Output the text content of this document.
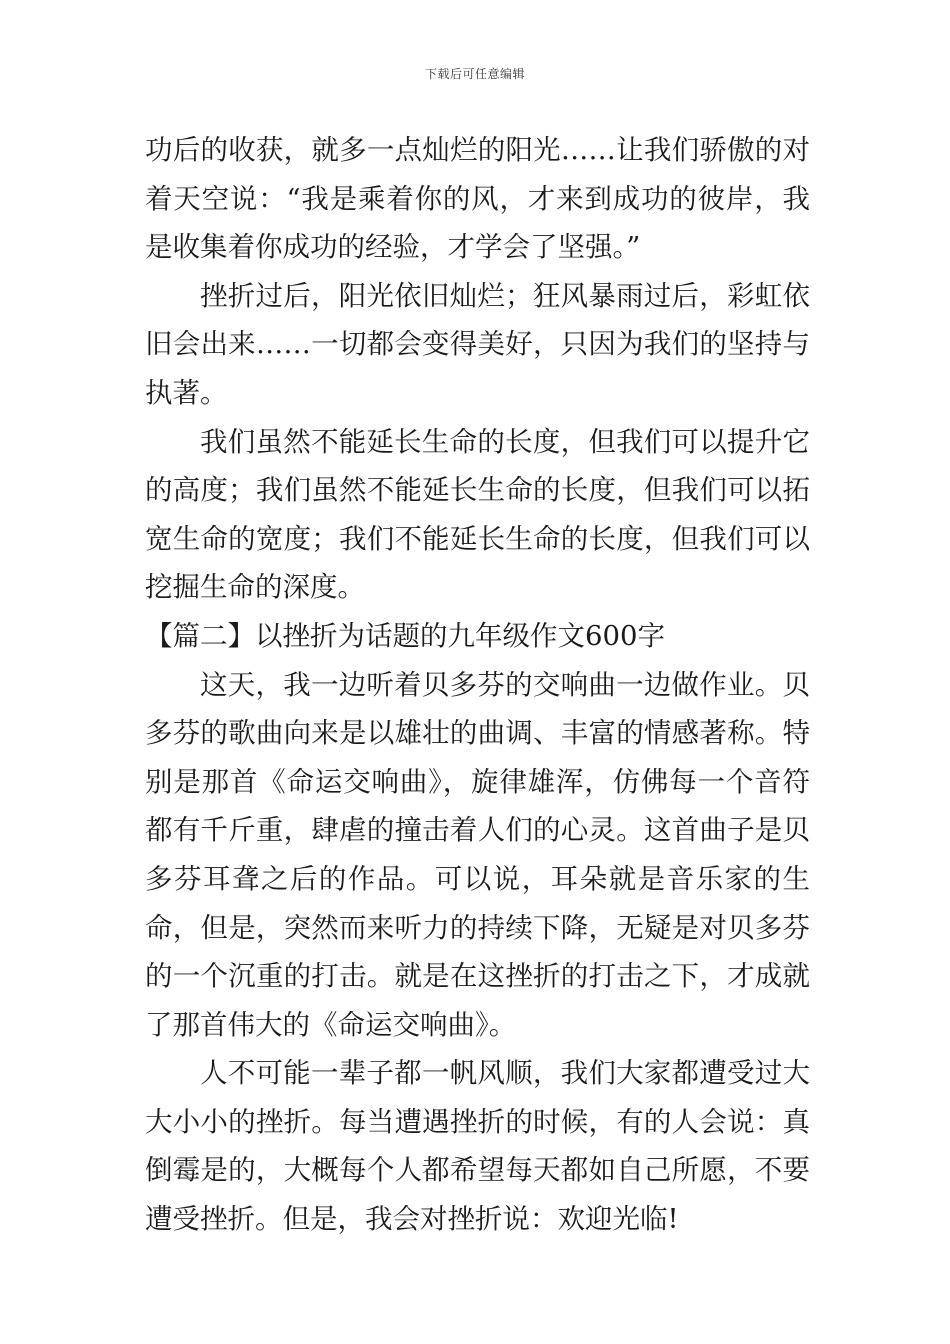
下载后可任意编辑

功后的收获，就多一点灿烂的阳光……让我们骄傲的对着天空说：“我是乘着你的风，才来到成功的彼岸，我是收集着你成功的经验，才学会了坚强。”

挫折过后，阳光依旧灿烂；狂风暴雨过后，彩虹依旧会出来……一切都会变得美好，只因为我们的坚持与执著。

我们虽然不能延长生命的长度，但我们可以提升它的高度；我们虽然不能延长生命的长度，但我们可以拓宽生命的宽度；我们不能延长生命的长度，但我们可以挖掘生命的深度。

【篇二】以挫折为话题的九年级作文600字

这天，我一边听着贝多芬的交响曲一边做作业。贝多芬的歌曲向来是以雄壮的曲调、丰富的情感著称。特别是那首《命运交响曲》，旋律雄浑，仿佛每一个音符都有千斤重，肆虐的撞击着人们的心灵。这首曲子是贝多芬耳聋之后的作品。可以说，耳朵就是音乐家的生命，但是，突然而来听力的持续下降，无疑是对贝多芬的一个沉重的打击。就是在这挫折的打击之下，才成就了那首伟大的《命运交响曲》。

人不可能一辈子都一帆风顺，我们大家都遭受过大大小小的挫折。每当遭遇挫折的时候，有的人会说：真倒霉是的，大概每个人都希望每天都如自己所愿，不要遭受挫折。但是，我会对挫折说：欢迎光临!
